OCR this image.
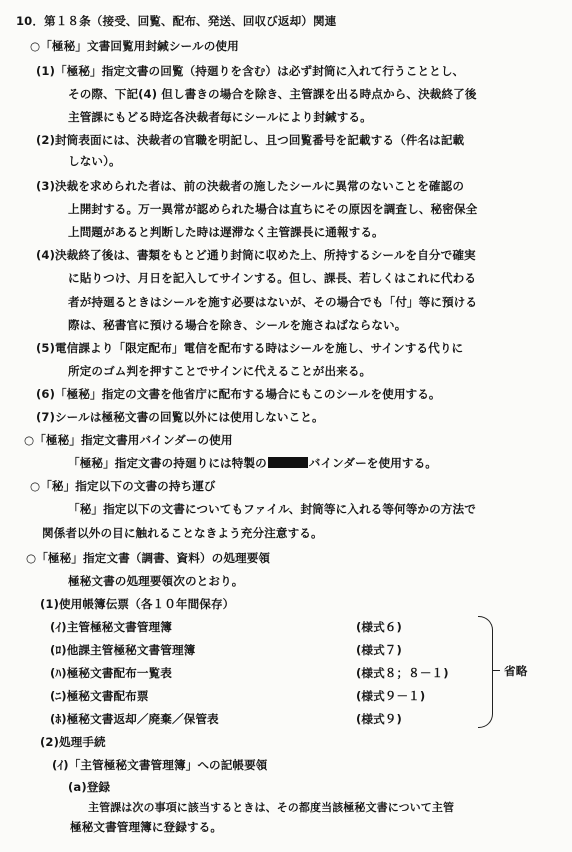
10．第１８条（接受、回覧、配布、発送、回収び返却）関連
○「極秘」文書回覧用封緘シールの使用
(1)「極秘」指定文書の回覧（持廻りを含む）は必ず封筒に入れて行うこととし、
その際、下記(4) 但し書きの場合を除き、主管課を出る時点から、決裁終了後
主管課にもどる時迄各決裁者毎にシールにより封緘する。
(2)封筒表面には、決裁者の官職を明記し、且つ回覧番号を記載する（件名は記載
しない）。
(3)決裁を求められた者は、前の決裁者の施したシールに異常のないことを確認の
上開封する。万一異常が認められた場合は直ちにその原因を調査し、秘密保全
上問題があると判断した時は遅滞なく主管課長に通報する。
(4)決裁終了後は、書類をもとど通り封筒に収めた上、所持するシールを自分で確実
に貼りつけ、月日を記入してサインする。但し、課長、若しくはこれに代わる
者が持廻るときはシールを施す必要はないが、その場合でも「付」等に預ける
際は、秘書官に預ける場合を除き、シールを施さねばならない。
(5)電信課より「限定配布」電信を配布する時はシールを施し、サインする代りに
所定のゴム判を押すことでサインに代えることが出来る。
(6)「極秘」指定の文書を他省庁に配布する場合にもこのシールを使用する。
(7)シールは極秘文書の回覧以外には使用しないこと。
○「極秘」指定文書用バインダーの使用
「極秘」指定文書の持廻りには特製の	バインダーを使用する。
○「秘」指定以下の文書の持ち運び
「秘」指定以下の文書についてもファイル、封筒等に入れる等何等かの方法で
関係者以外の目に触れることなきよう充分注意する。
○「極秘」指定文書（調書、資料）の処理要領
極秘文書の処理要領次のとおり。
(1)使用帳簿伝票（各１０年間保存）
(ｲ)主管極秘文書管理簿	(様式６)
(ﾛ)他課主管極秘文書管理簿	(様式７)
(ﾊ)極秘文書配布一覧表	(様式８；８－１)
(ﾆ)極秘文書配布票	(様式９－１)
(ﾎ)極秘文書返却／廃棄／保管表	(様式９)
省略
(2)処理手続
(ｲ)「主管極秘文書管理簿」への記帳要領
(a)登録
主管課は次の事項に該当するときは、その都度当該極秘文書について主管
極秘文書管理簿に登録する。
